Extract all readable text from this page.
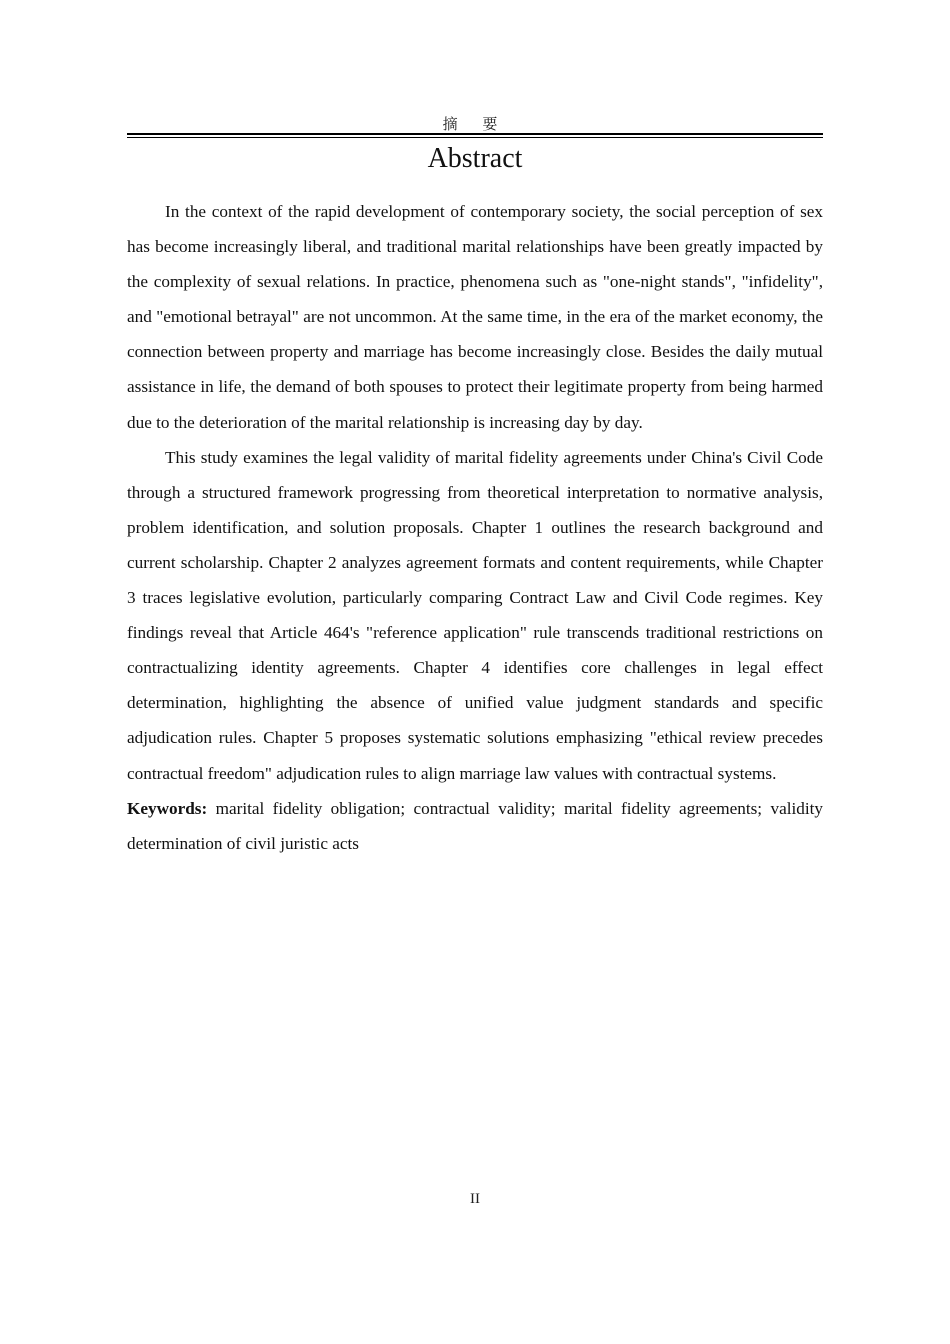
摘 要
Abstract

In the context of the rapid development of contemporary society, the social perception of sex has become increasingly liberal, and traditional marital relationships have been greatly impacted by the complexity of sexual relations. In practice, phenomena such as "one-night stands", "infidelity", and "emotional betrayal" are not uncommon. At the same time, in the era of the market economy, the connection between property and marriage has become increasingly close. Besides the daily mutual assistance in life, the demand of both spouses to protect their legitimate property from being harmed due to the deterioration of the marital relationship is increasing day by day.

This study examines the legal validity of marital fidelity agreements under China's Civil Code through a structured framework progressing from theoretical interpretation to normative analysis, problem identification, and solution proposals. Chapter 1 outlines the research background and current scholarship. Chapter 2 analyzes agreement formats and content requirements, while Chapter 3 traces legislative evolution, particularly comparing Contract Law and Civil Code regimes. Key findings reveal that Article 464's "reference application" rule transcends traditional restrictions on contractualizing identity agreements. Chapter 4 identifies core challenges in legal effect determination, highlighting the absence of unified value judgment standards and specific adjudication rules. Chapter 5 proposes systematic solutions emphasizing "ethical review precedes contractual freedom" adjudication rules to align marriage law values with contractual systems.

Keywords: marital fidelity obligation; contractual validity; marital fidelity agreements; validity determination of civil juristic acts

II
